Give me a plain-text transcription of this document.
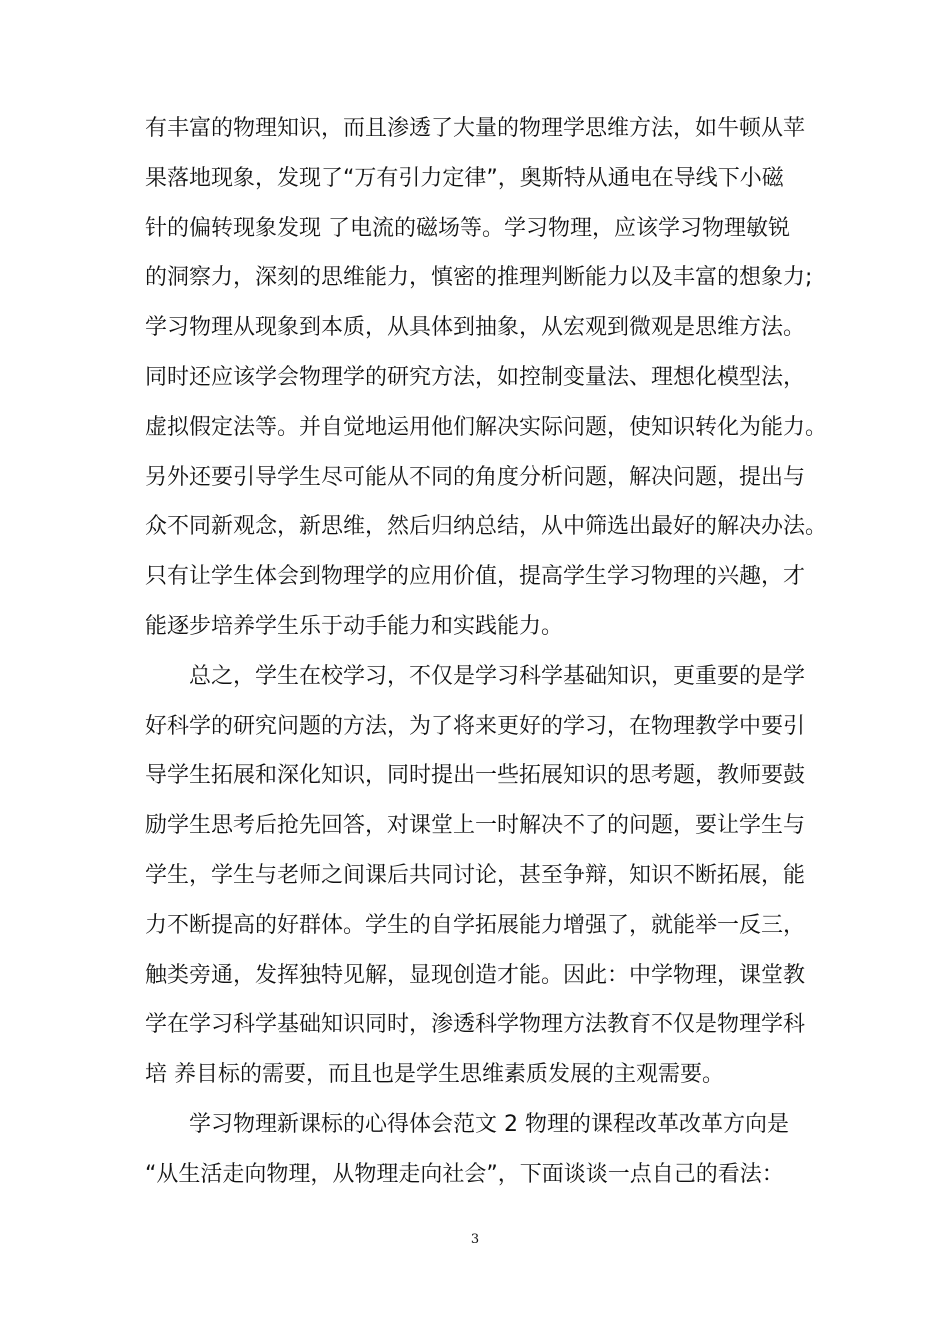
有丰富的物理知识，而且渗透了大量的物理学思维方法，如牛顿从苹
果落地现象，发现了“万有引力定律”，奥斯特从通电在导线下小磁
针的偏转现象发现 了电流的磁场等。学习物理，应该学习物理敏锐
的洞察力，深刻的思维能力，慎密的推理判断能力以及丰富的想象力;
学习物理从现象到本质，从具体到抽象，从宏观到微观是思维方法。
同时还应该学会物理学的研究方法，如控制变量法、理想化模型法，
虚拟假定法等。并自觉地运用他们解决实际问题，使知识转化为能力。
另外还要引导学生尽可能从不同的角度分析问题，解决问题，提出与
众不同新观念，新思维，然后归纳总结，从中筛选出最好的解决办法。
只有让学生体会到物理学的应用价值，提高学生学习物理的兴趣，才
能逐步培养学生乐于动手能力和实践能力。
总之，学生在校学习，不仅是学习科学基础知识，更重要的是学
好科学的研究问题的方法，为了将来更好的学习，在物理教学中要引
导学生拓展和深化知识，同时提出一些拓展知识的思考题，教师要鼓
励学生思考后抢先回答，对课堂上一时解决不了的问题，要让学生与
学生，学生与老师之间课后共同讨论，甚至争辩，知识不断拓展，能
力不断提高的好群体。学生的自学拓展能力增强了，就能举一反三，
触类旁通，发挥独特见解，显现创造才能。因此：中学物理，课堂教
学在学习科学基础知识同时，渗透科学物理方法教育不仅是物理学科
培 养目标的需要，而且也是学生思维素质发展的主观需要。
学习物理新课标的心得体会范文 2 物理的课程改革改革方向是
“从生活走向物理，从物理走向社会”，下面谈谈一点自己的看法：
3
